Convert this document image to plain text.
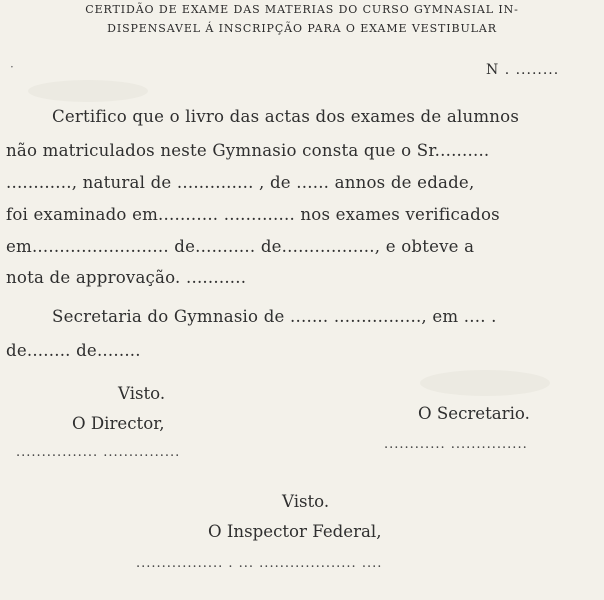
CERTIDÃO DE EXAME DAS MATERIAS DO CURSO GYMNASIAL IN-
DISPENSAVEL Á INSCRIPÇÃO PARA O EXAME VESTIBULAR
·	N . ........
Certifico que o livro das actas dos exames de alumnos
não matriculados neste Gymnasio consta que o Sr..........
............, natural de .............. , de ...... annos de edade,
foi examinado em........... ............. nos exames verificados
em......................... de........... de................., e obteve a
nota de approvação. ...........
Secretaria do Gymnasio de ....... ................, em .... .
de........ de........
Visto.
O Director,
................ ...............
O Secretario.
............ ...............
Visto.
O Inspector Federal,
................. . ... ................... ....
